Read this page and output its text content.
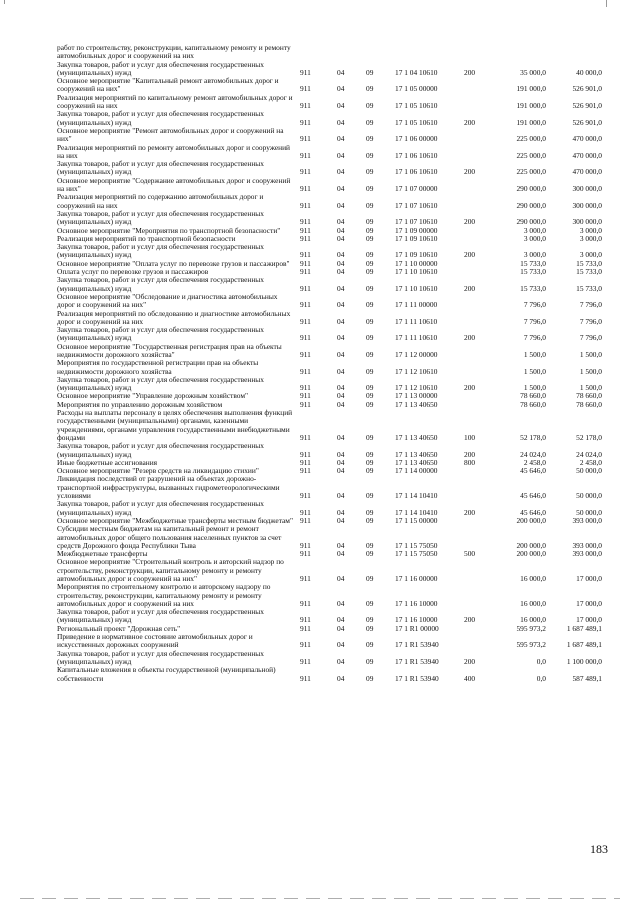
работ по строительству, реконструкции, капитальному ремонту и ремонту автомобильных дорог и сооружений на них							
Закупка товаров, работ и услуг для обеспечения государственных (муниципальных) нужд	911	04	09	17 1 04 10610	200	35 000,0	40 000,0
Основное мероприятие "Капитальный ремонт автомобильных дорог и сооружений на них"	911	04	09	17 1 05 00000		191 000,0	526 901,0
Реализация мероприятий по капитальному ремонт автомобильных дорог и сооружений на них	911	04	09	17 1 05 10610		191 000,0	526 901,0
Закупка товаров, работ и услуг для обеспечения государственных (муниципальных) нужд	911	04	09	17 1 05 10610	200	191 000,0	526 901,0
Основное мероприятие "Ремонт автомобильных дорог и сооружений на них"	911	04	09	17 1 06 00000		225 000,0	470 000,0
Реализация мероприятий по ремонту автомобильных дорог и сооружений на них	911	04	09	17 1 06 10610		225 000,0	470 000,0
Закупка товаров, работ и услуг для обеспечения государственных (муниципальных) нужд	911	04	09	17 1 06 10610	200	225 000,0	470 000,0
Основное мероприятие "Содержание автомобильных дорог и сооружений на них"	911	04	09	17 1 07 00000		290 000,0	300 000,0
Реализация мероприятий по содержанию автомобильных дорог и сооружений на них	911	04	09	17 1 07 10610		290 000,0	300 000,0
Закупка товаров, работ и услуг для обеспечения государственных (муниципальных) нужд	911	04	09	17 1 07 10610	200	290 000,0	300 000,0
Основное мероприятие "Мероприятия по транспортной безопасности"	911	04	09	17 1 09 00000		3 000,0	3 000,0
Реализация мероприятий по транспортной безопасности	911	04	09	17 1 09 10610		3 000,0	3 000,0
Закупка товаров, работ и услуг для обеспечения государственных (муниципальных) нужд	911	04	09	17 1 09 10610	200	3 000,0	3 000,0
Основное мероприятие "Оплата услуг по перевозке грузов и пассажиров"	911	04	09	17 1 10 00000		15 733,0	15 733,0
Оплата услуг по перевозке грузов и пассажиров	911	04	09	17 1 10 10610		15 733,0	15 733,0
Закупка товаров, работ и услуг для обеспечения государственных (муниципальных) нужд	911	04	09	17 1 10 10610	200	15 733,0	15 733,0
Основное мероприятие "Обследование и диагностика автомобильных дорог и сооружений на них"	911	04	09	17 1 11 00000		7 796,0	7 796,0
Реализация мероприятий по обследованию и диагностике автомобильных дорог и сооружений на них	911	04	09	17 1 11 10610		7 796,0	7 796,0
Закупка товаров, работ и услуг для обеспечения государственных (муниципальных) нужд	911	04	09	17 1 11 10610	200	7 796,0	7 796,0
Основное мероприятие "Государственная регистрация прав на объекты недвижимости дорожного хозяйства"	911	04	09	17 1 12 00000		1 500,0	1 500,0
Мероприятия по государственной регистрации прав на объекты недвижимости дорожного хозяйства	911	04	09	17 1 12 10610		1 500,0	1 500,0
Закупка товаров, работ и услуг для обеспечения государственных (муниципальных) нужд	911	04	09	17 1 12 10610	200	1 500,0	1 500,0
Основное мероприятие "Управление дорожным хозяйством"	911	04	09	17 1 13 00000		78 660,0	78 660,0
Мероприятия по управлению дорожным хозяйством	911	04	09	17 1 13 40650		78 660,0	78 660,0
Расходы на выплаты персоналу в целях обеспечения выполнения функций государственными (муниципальными) органами, казенными учреждениями, органами управления государственными внебюджетными фондами	911	04	09	17 1 13 40650	100	52 178,0	52 178,0
Закупка товаров, работ и услуг для обеспечения государственных (муниципальных) нужд	911	04	09	17 1 13 40650	200	24 024,0	24 024,0
Иные бюджетные ассигнования	911	04	09	17 1 13 40650	800	2 458,0	2 458,0
Основное мероприятие "Резерв средств на ликвидацию стихии"	911	04	09	17 1 14 00000		45 646,0	50 000,0
Ликвидация последствий от разрушений на объектах дорожно-транспортной инфраструктуры, вызванных гидрометеорологическими условиями	911	04	09	17 1 14 10410		45 646,0	50 000,0
Закупка товаров, работ и услуг для обеспечения государственных (муниципальных) нужд	911	04	09	17 1 14 10410	200	45 646,0	50 000,0
Основное мероприятие "Межбюджетные трансферты местным бюджетам"	911	04	09	17 1 15 00000		200 000,0	393 000,0
Субсидии местным бюджетам на капитальный ремонт и ремонт автомобильных дорог общего пользования населенных пунктов за счет средств Дорожного фонда Республики Тыва	911	04	09	17 1 15 75050		200 000,0	393 000,0
Межбюджетные трансферты	911	04	09	17 1 15 75050	500	200 000,0	393 000,0
Основное мероприятие "Строительный контроль и авторский надзор по строительству, реконструкции, капитальному ремонту и ремонту автомобильных дорог и сооружений на них"	911	04	09	17 1 16 00000		16 000,0	17 000,0
Мероприятия по строительному контролю и авторскому надзору по строительству, реконструкции, капитальному ремонту и ремонту автомобильных дорог и сооружений на них	911	04	09	17 1 16 10000		16 000,0	17 000,0
Закупка товаров, работ и услуг для обеспечения государственных (муниципальных) нужд	911	04	09	17 1 16 10000	200	16 000,0	17 000,0
Региональный проект "Дорожная сеть"	911	04	09	17 1 R1 00000		595 973,2	1 687 489,1
Приведение в нормативное состояние автомобильных дорог и искусственных дорожных сооружений	911	04	09	17 1 R1 53940		595 973,2	1 687 489,1
Закупка товаров, работ и услуг для обеспечения государственных (муниципальных) нужд	911	04	09	17 1 R1 53940	200	0,0	1 100 000,0
Капитальные вложения в объекты государственной (муниципальной) собственности	911	04	09	17 1 R1 53940	400	0,0	587 489,1
183
